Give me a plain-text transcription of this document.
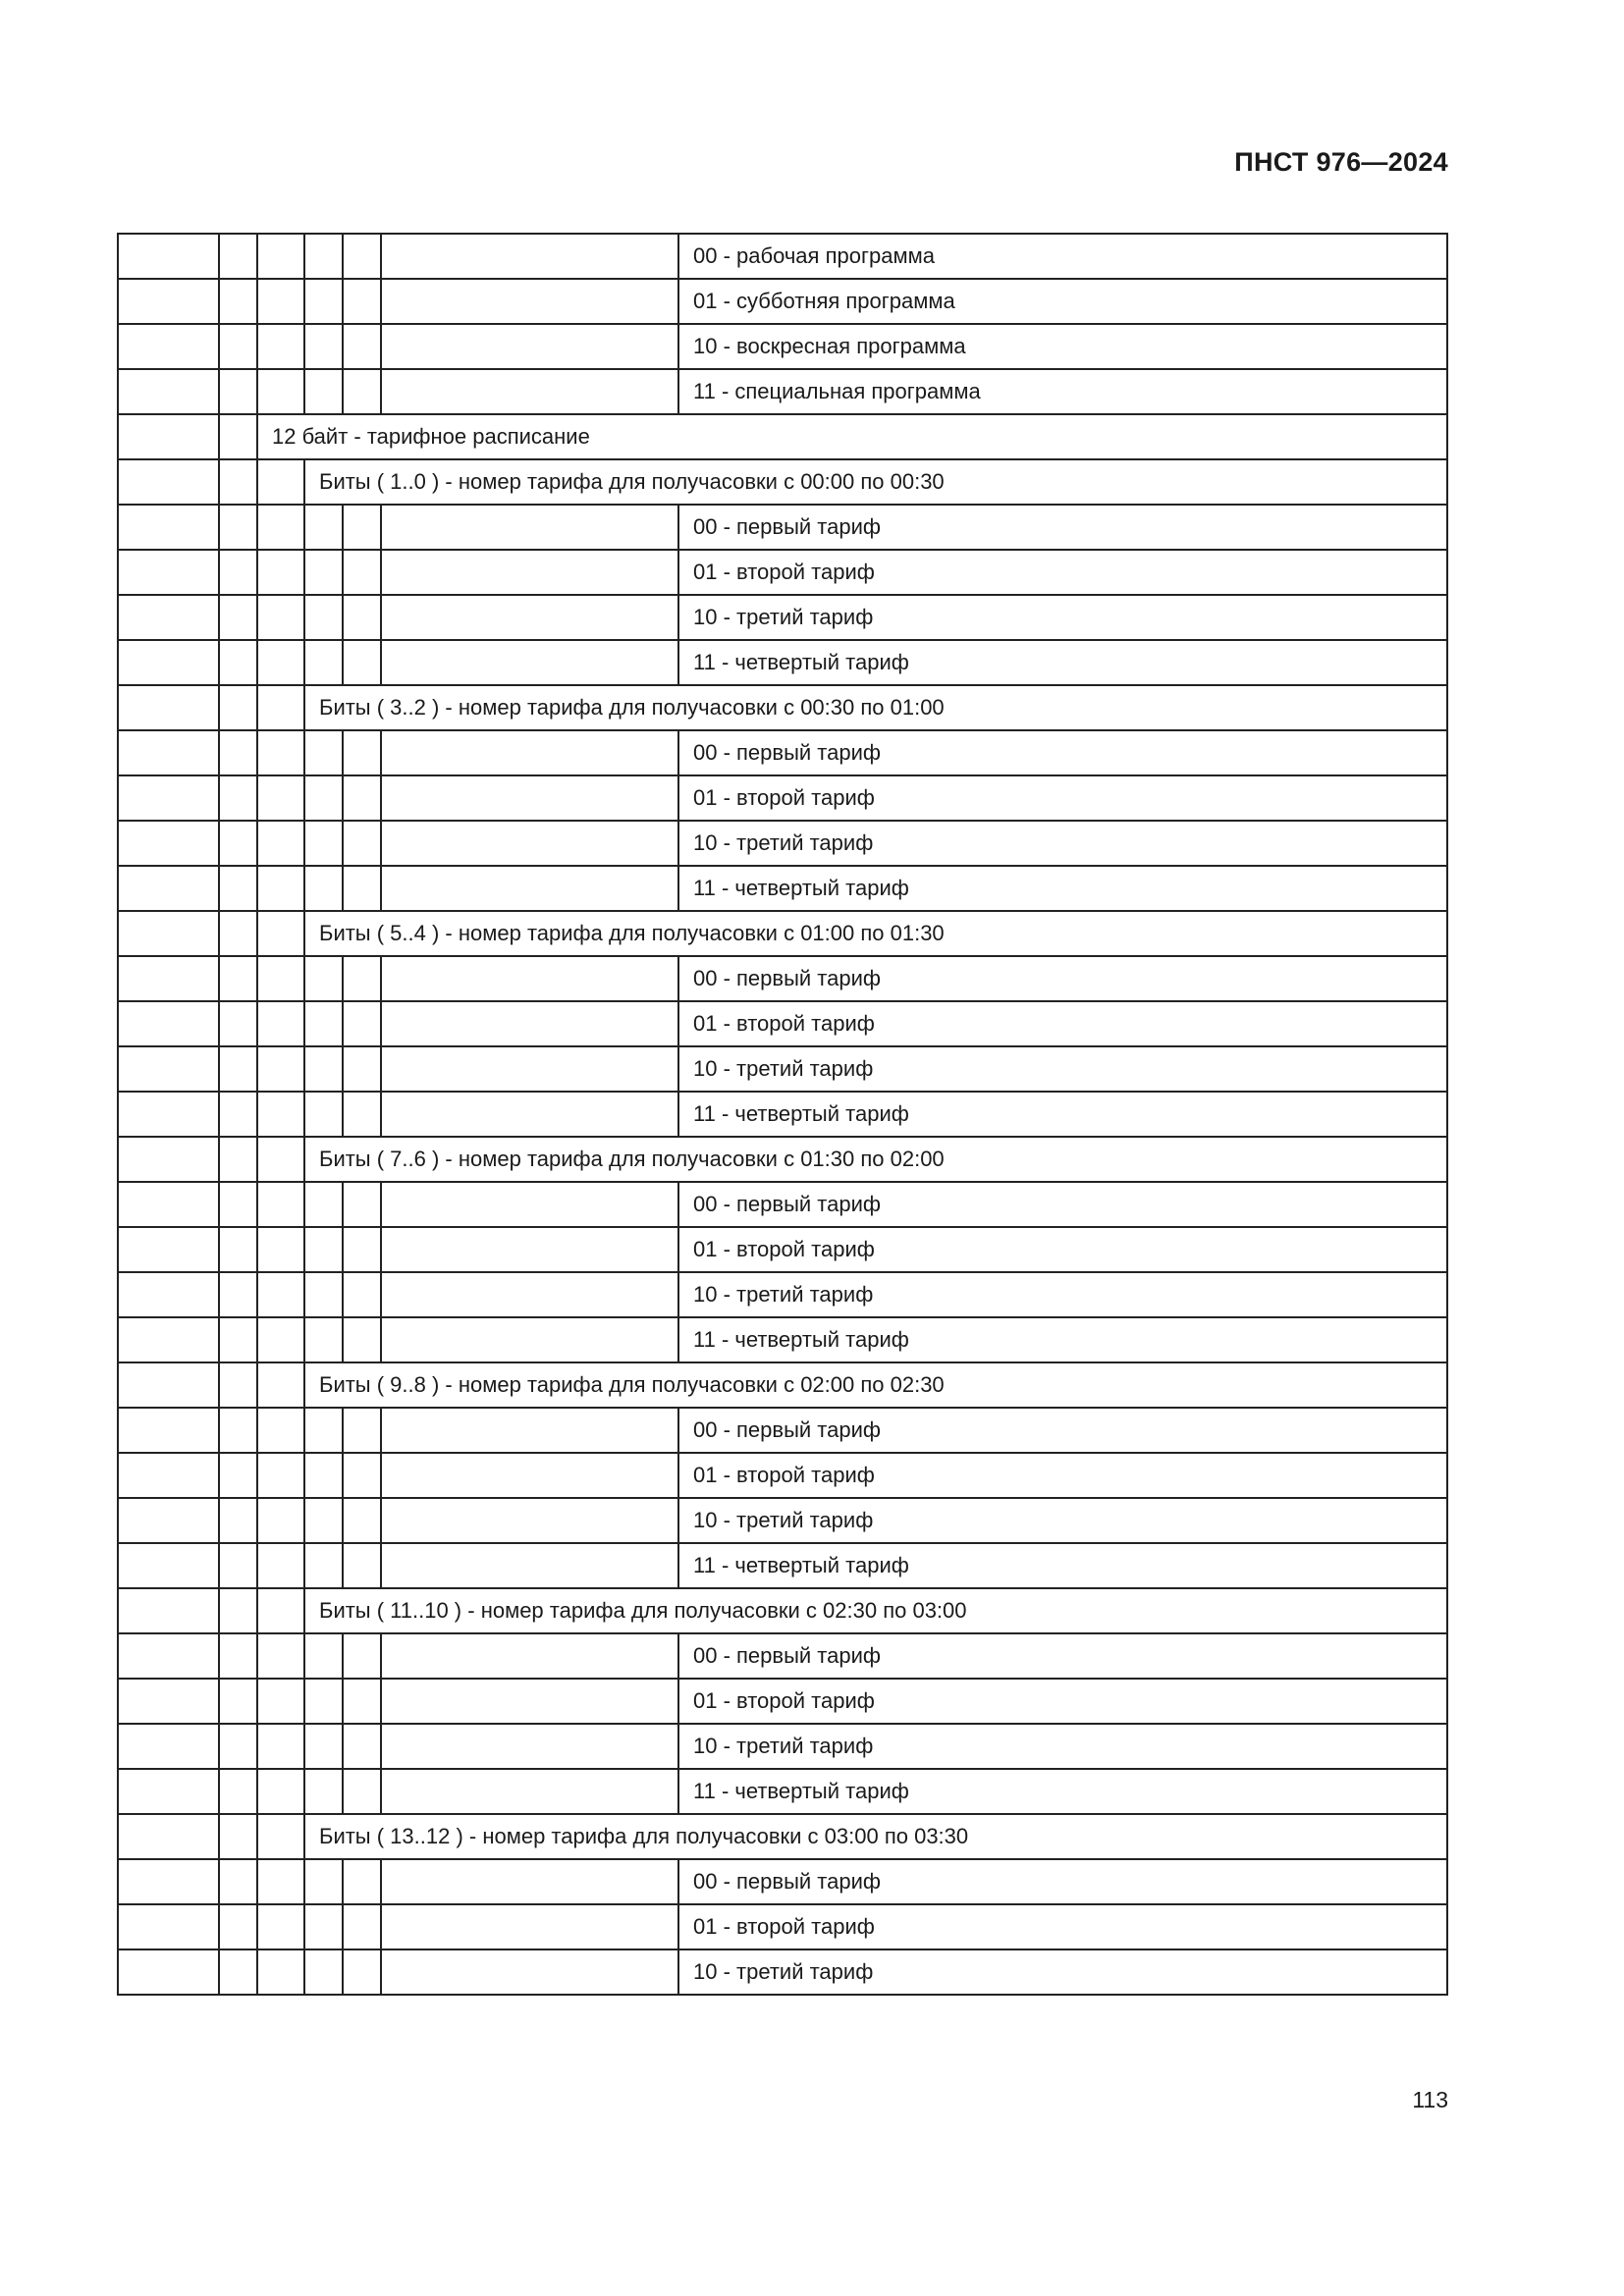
ПНСТ 976—2024
						00 - рабочая программа
						01 - субботняя программа
						10 - воскресная программа
						11 - специальная программа
		12 байт - тарифное расписание				
			Биты ( 1..0 ) - номер тарифа для получасовки с 00:00 по 00:30			
						00 - первый тариф
						01 - второй тариф
						10 - третий тариф
						11 - четвертый тариф
			Биты ( 3..2 ) - номер тарифа для получасовки с 00:30 по 01:00			
						00 - первый тариф
						01 - второй тариф
						10 - третий тариф
						11 - четвертый тариф
			Биты ( 5..4 ) - номер тарифа для получасовки с 01:00 по 01:30			
						00 - первый тариф
						01 - второй тариф
						10 - третий тариф
						11 - четвертый тариф
			Биты ( 7..6 ) - номер тарифа для получасовки с 01:30 по 02:00			
						00 - первый тариф
						01 - второй тариф
						10 - третий тариф
						11 - четвертый тариф
			Биты ( 9..8 ) - номер тарифа для получасовки с 02:00 по 02:30			
						00 - первый тариф
						01 - второй тариф
						10 - третий тариф
						11 - четвертый тариф
			Биты ( 11..10 ) - номер тарифа для получасовки с 02:30 по 03:00			
						00 - первый тариф
						01 - второй тариф
						10 - третий тариф
						11 - четвертый тариф
			Биты ( 13..12 ) - номер тарифа для получасовки с 03:00 по 03:30			
						00 - первый тариф
						01 - второй тариф
						10 - третий тариф
113
